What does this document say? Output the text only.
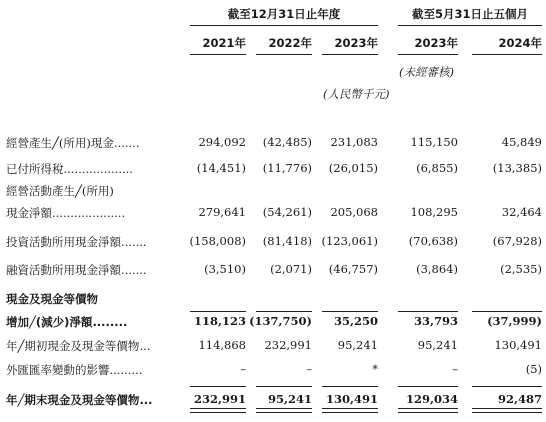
截至12月31日止年度	截至5月31日止五個月
2021年	2022年	2023年	2023年	2024年
(未經審核)
(人民幣千元)
經營產生╱(所用)現金.......	294,092	(42,485)	231,083	115,150	45,849
已付所得稅...................	(14,451)	(11,776)	(26,015)	(6,855)	(13,385)
經營活動產生╱(所用)
現金淨額....................	279,641	(54,261)	205,068	108,295	32,464
投資活動所用現金淨額.......	(158,008)	(81,418) (123,061)	(70,638)	(67,928)
融資活動所用現金淨額.......	(3,510)	(2,071)	(46,757)	(3,864)	(2,535)
現金及現金等價物
增加╱(減少)淨額........	118,123 (137,750)	35,250	33,793	(37,999)
年╱期初現金及現金等價物...	114,868	232,991	95,241	95,241	130,491
外匯匯率變動的影響.........	–	–	*	–	(5)
年╱期末現金及現金等價物...	232,991	95,241	130,491	129,034	92,487
